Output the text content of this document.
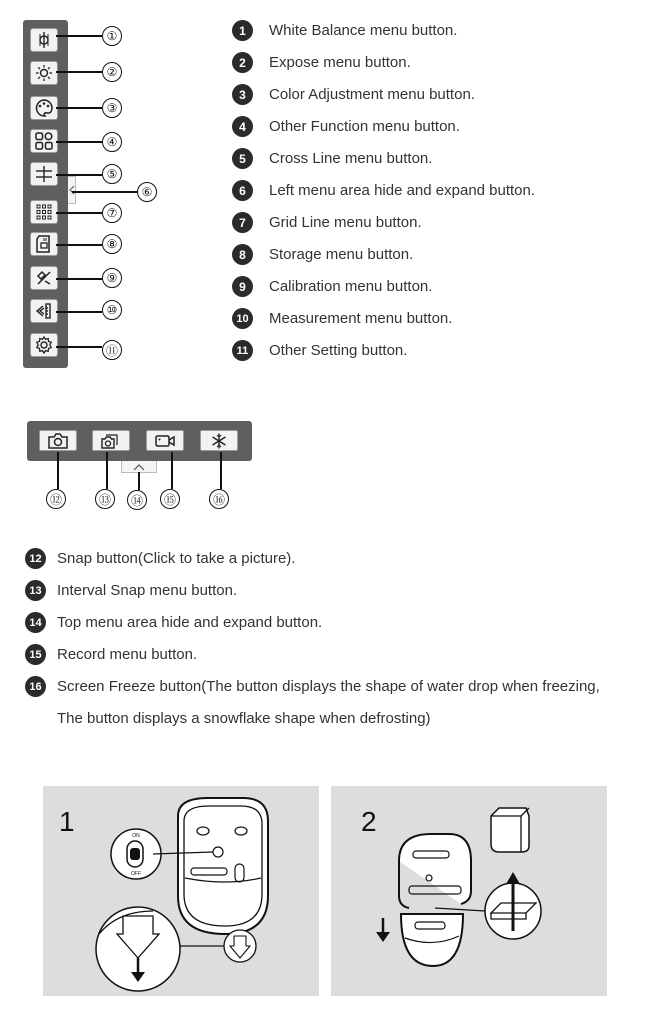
①
②
③
④
⑤
⑥
⑦
⑧
⑨
⑩
⑪
1	White Balance menu button.
2	Expose menu button.
3	Color Adjustment menu button.
4	Other Function menu button.
5	Cross Line menu button.
6	Left menu area hide and expand button.
7	Grid Line menu button.
8	Storage menu button.
9	Calibration menu button.
10 Measurement menu button.
11	Other Setting button.
⑫	⑬	⑭	⑮	⑯
12 Snap button(Click to take a picture).
13 Interval Snap menu button.
14 Top menu area hide and expand button.
15 Record menu button.
16 Screen Freeze button(The button displays the shape of water drop when freezing,
The button displays a snowflake shape when defrosting)
1	ON
OFF
2
